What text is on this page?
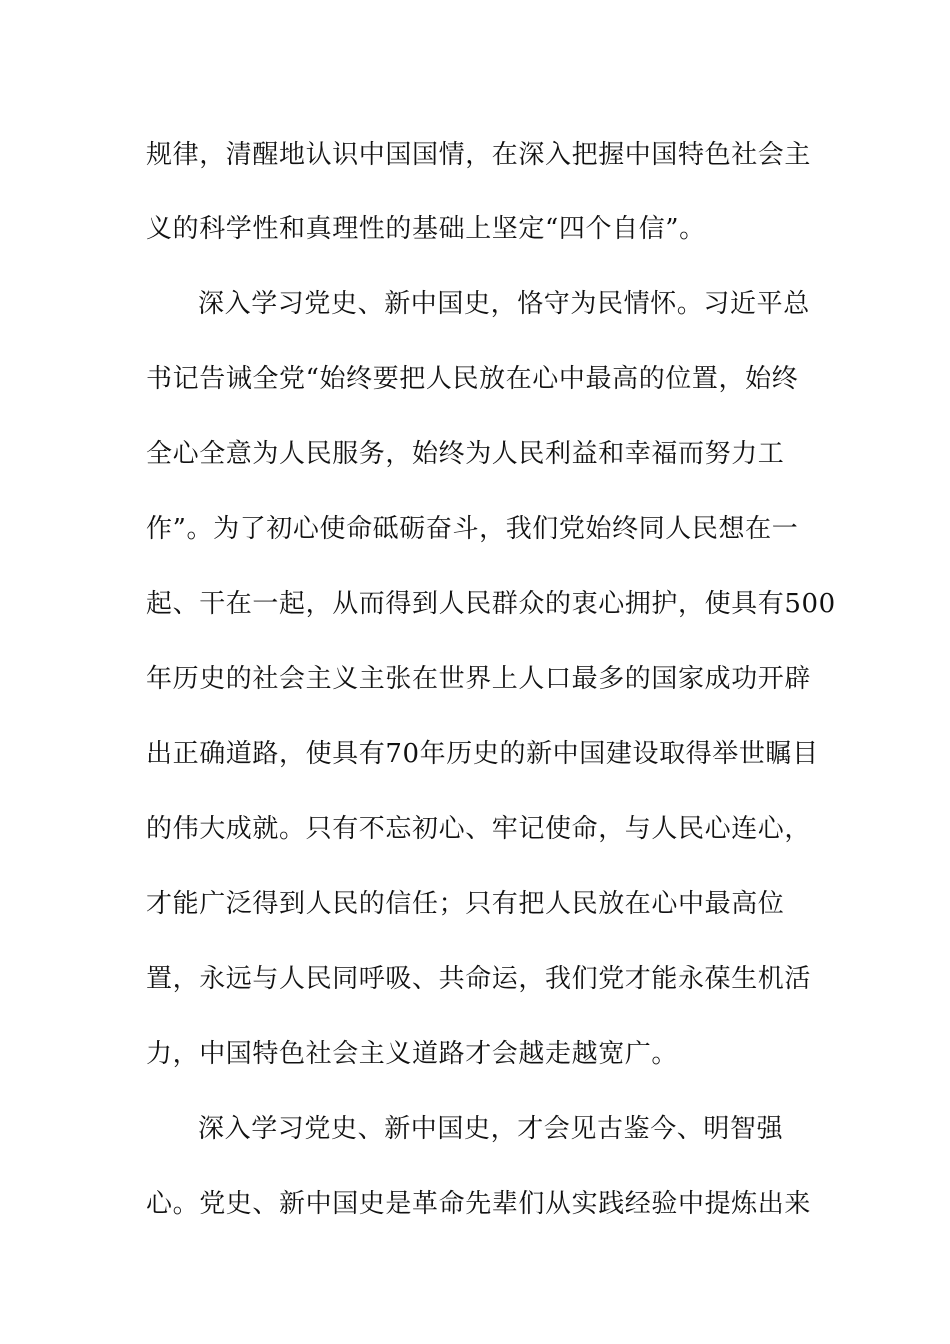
规律，清醒地认识中国国情，在深入把握中国特色社会主

义的科学性和真理性的基础上坚定“四个自信”。

深入学习党史、新中国史，恪守为民情怀。习近平总

书记告诫全党“始终要把人民放在心中最高的位置，始终

全心全意为人民服务，始终为人民利益和幸福而努力工

作”。为了初心使命砥砺奋斗，我们党始终同人民想在一

起、干在一起，从而得到人民群众的衷心拥护，使具有500

年历史的社会主义主张在世界上人口最多的国家成功开辟

出正确道路，使具有70年历史的新中国建设取得举世瞩目

的伟大成就。只有不忘初心、牢记使命，与人民心连心，

才能广泛得到人民的信任；只有把人民放在心中最高位

置，永远与人民同呼吸、共命运，我们党才能永葆生机活

力，中国特色社会主义道路才会越走越宽广。

深入学习党史、新中国史，才会见古鉴今、明智强

心。党史、新中国史是革命先辈们从实践经验中提炼出来
